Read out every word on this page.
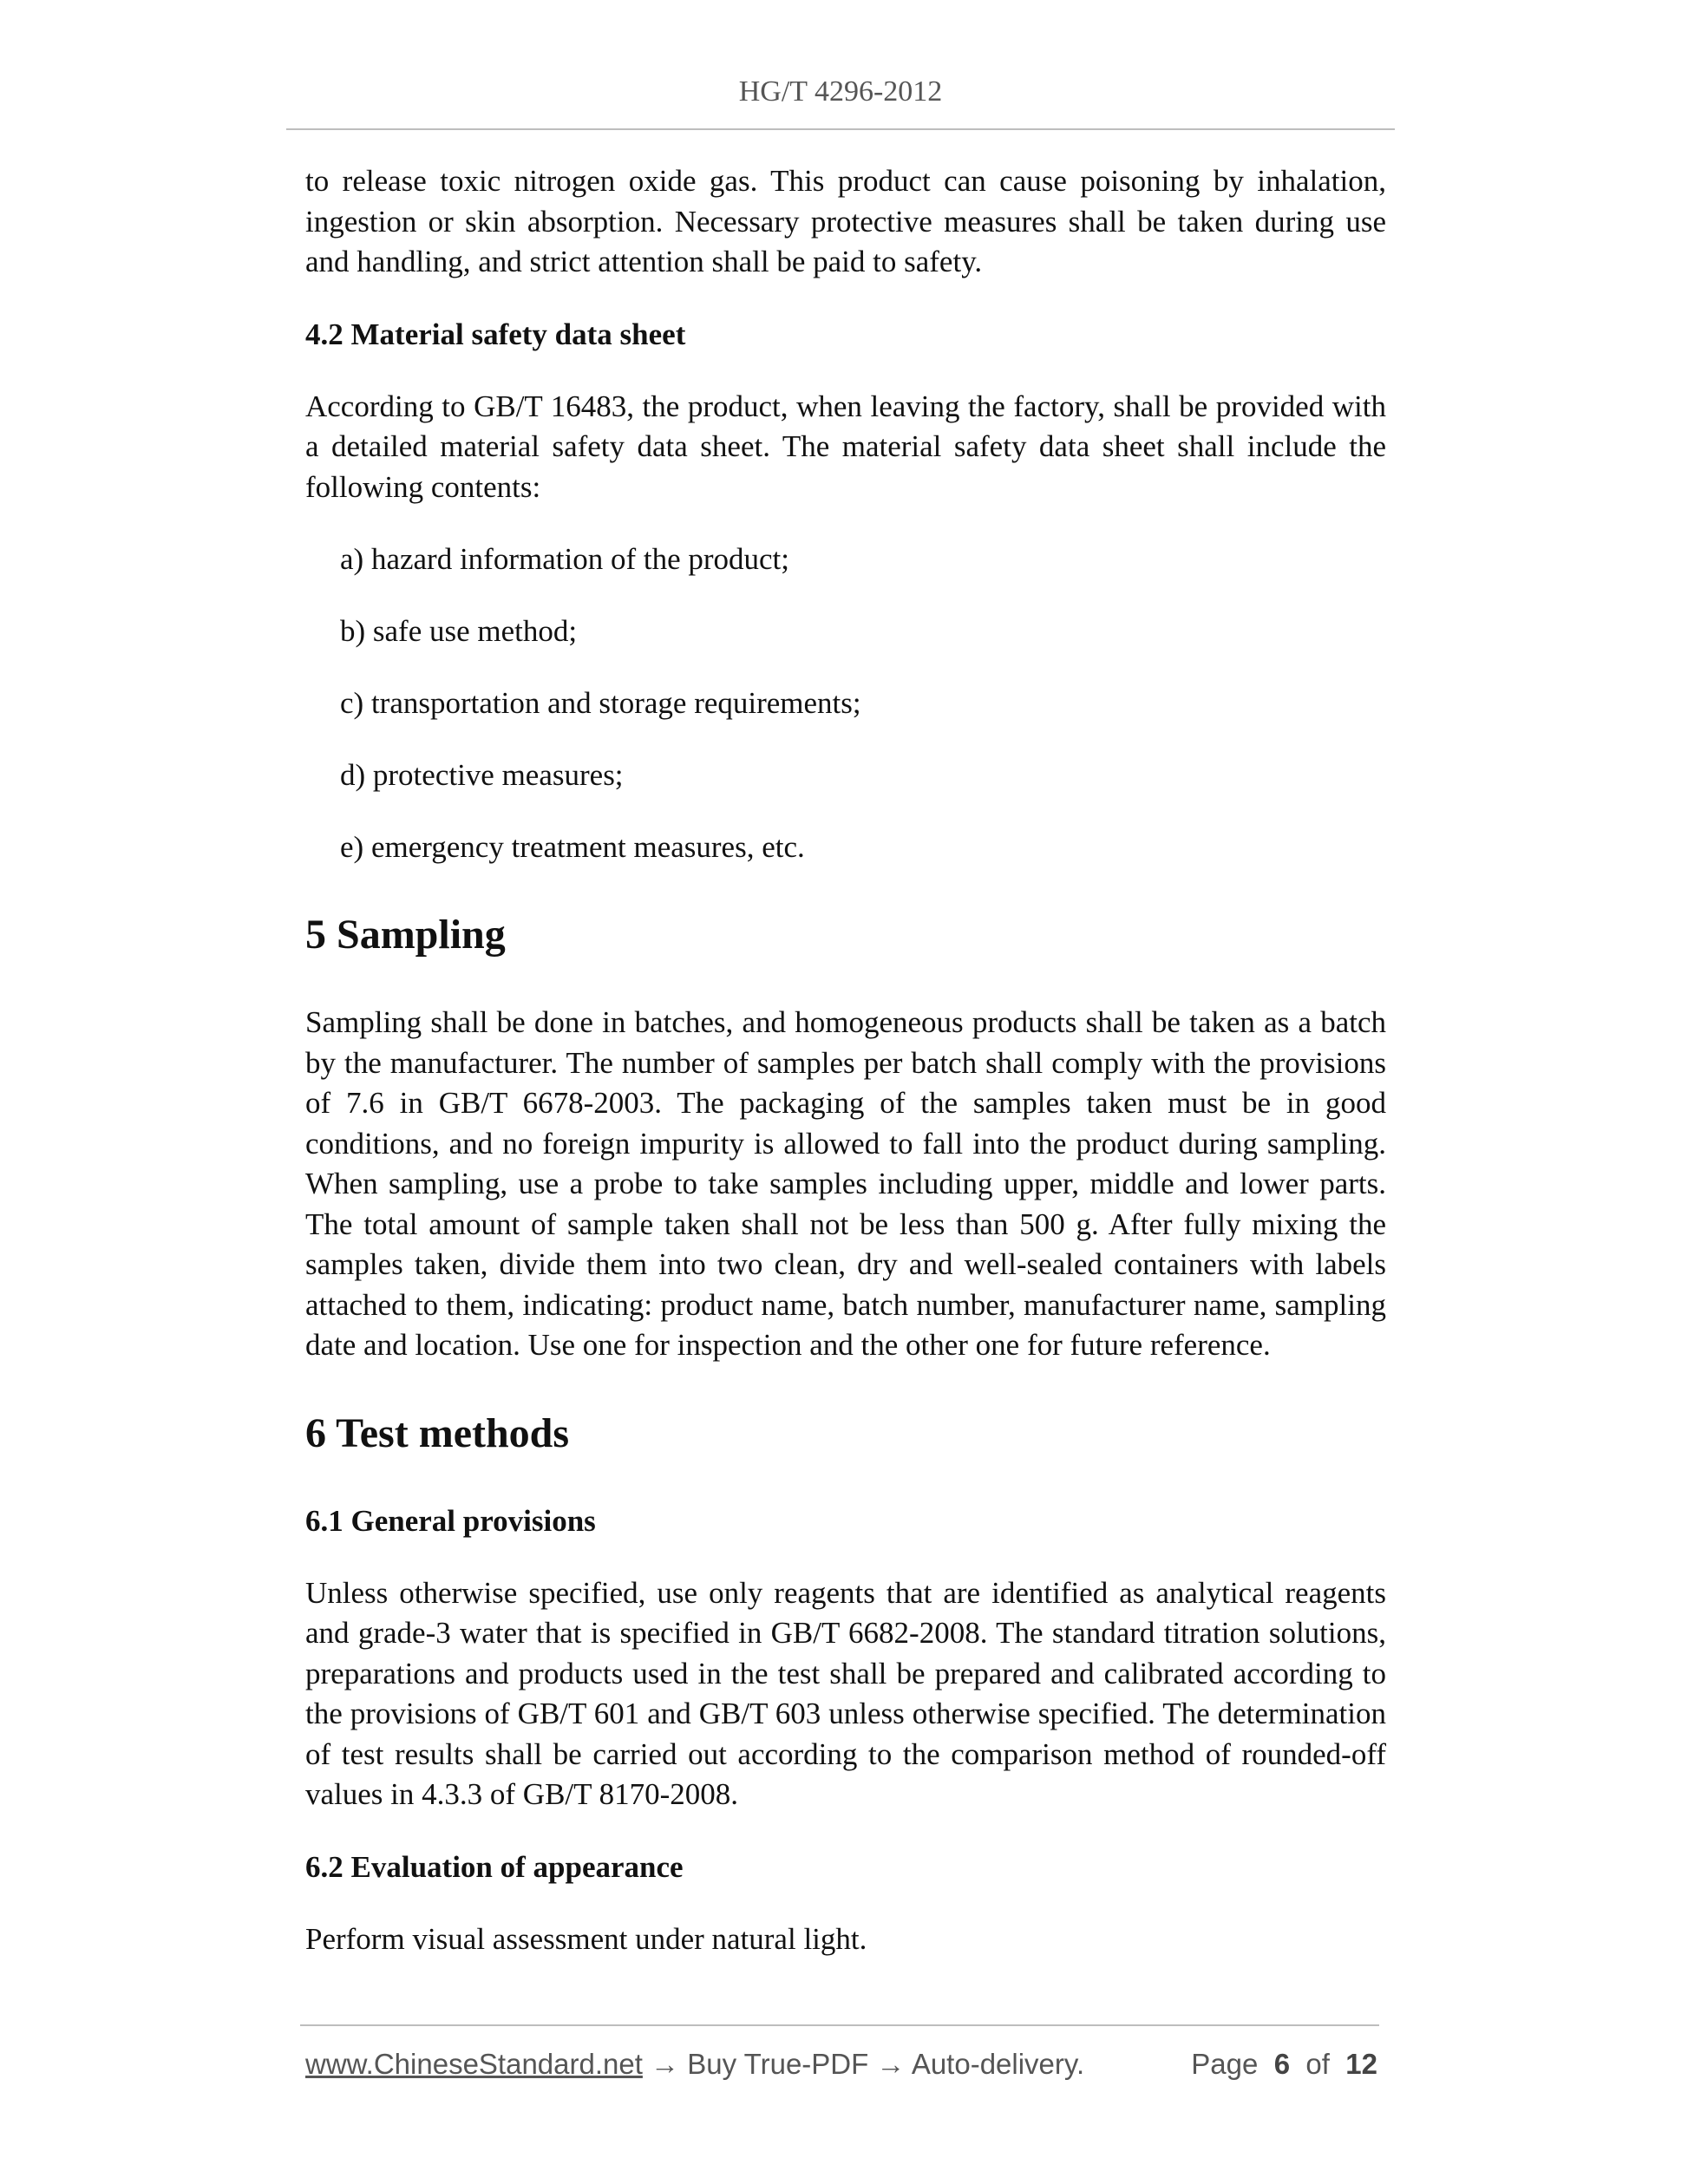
HG/T 4296-2012

to release toxic nitrogen oxide gas. This product can cause poisoning by inhalation, ingestion or skin absorption. Necessary protective measures shall be taken during use and handling, and strict attention shall be paid to safety.

4.2 Material safety data sheet

According to GB/T 16483, the product, when leaving the factory, shall be provided with a detailed material safety data sheet. The material safety data sheet shall include the following contents:

a) hazard information of the product;

b) safe use method;

c) transportation and storage requirements;

d) protective measures;

e) emergency treatment measures, etc.

5 Sampling

Sampling shall be done in batches, and homogeneous products shall be taken as a batch by the manufacturer. The number of samples per batch shall comply with the provisions of 7.6 in GB/T 6678-2003. The packaging of the samples taken must be in good conditions, and no foreign impurity is allowed to fall into the product during sampling. When sampling, use a probe to take samples including upper, middle and lower parts. The total amount of sample taken shall not be less than 500 g. After fully mixing the samples taken, divide them into two clean, dry and well-sealed containers with labels attached to them, indicating: product name, batch number, manufacturer name, sampling date and location. Use one for inspection and the other one for future reference.

6 Test methods

6.1 General provisions

Unless otherwise specified, use only reagents that are identified as analytical reagents and grade-3 water that is specified in GB/T 6682-2008. The standard titration solutions, preparations and products used in the test shall be prepared and calibrated according to the provisions of GB/T 601 and GB/T 603 unless otherwise specified. The determination of test results shall be carried out according to the comparison method of rounded-off values in 4.3.3 of GB/T 8170-2008.

6.2 Evaluation of appearance

Perform visual assessment under natural light.

www.ChineseStandard.net → Buy True-PDF → Auto-delivery.	Page 6 of 12
